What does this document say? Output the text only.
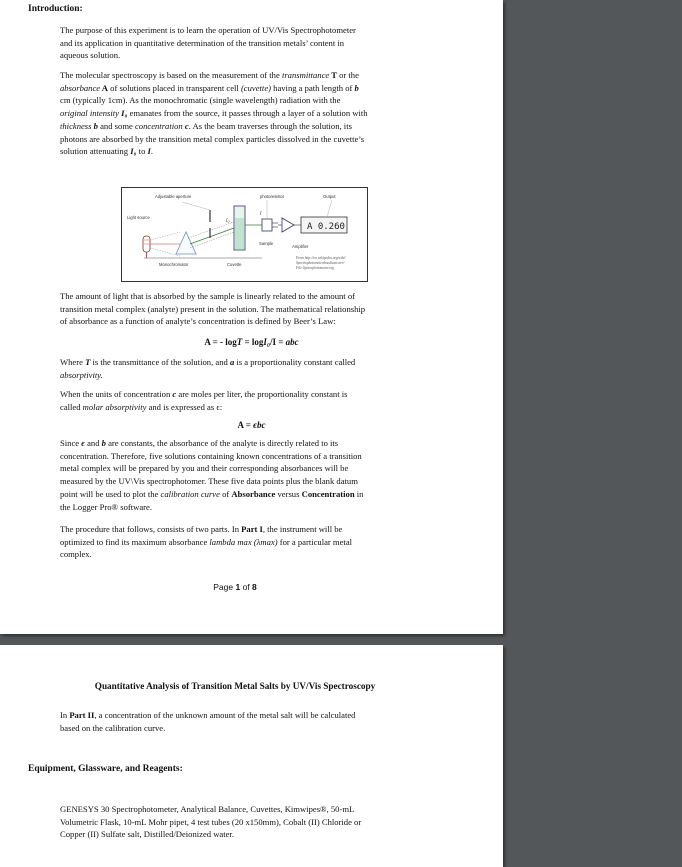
Introduction:

The purpose of this experiment is to learn the operation of UV/Vis Spectrophotometer
and its application in quantitative determination of the transition metals’ content in
aqueous solution.

The molecular spectroscopy is based on the measurement of the transmittance T or the
absorbance A of solutions placed in transparent cell (cuvette) having a path length of b
cm (typically 1cm). As the monochromatic (single wavelength) radiation with the
original intensity I₀ emanates from the source, it passes through a layer of a solution with
thickness b and some concentration c. As the beam traverses through the solution, its
photons are absorbed by the transition metal complex particles dissolved in the cuvette’s
solution attenuating I₀ to I.

Adjustable aperture	photoresistor	Output
Light source
Monochromator	Cuvette
Sample
Amplifier
I₀
I
A 0.260
From http://en.wikipedia.org/wiki/
Spectrophotometer#mediaviewer/
File:Spetrophotometer.svg

The amount of light that is absorbed by the sample is linearly related to the amount of
transition metal complex (analyte) present in the solution. The mathematical relationship
of absorbance as a function of analyte’s concentration is defined by Beer’s Law:

A = - logT = logI₀/I = abc

Where T is the transmittance of the solution, and a is a proportionality constant called
absorptivity.

When the units of concentration c are moles per liter, the proportionality constant is
called molar absorptivity and is expressed as ϵ:

A = ϵbc

Since ϵ and b are constants, the absorbance of the analyte is directly related to its
concentration. Therefore, five solutions containing known concentrations of a transition
metal complex will be prepared by you and their corresponding absorbances will be
measured by the UV\Vis spectrophotomer. These five data points plus the blank datum
point will be used to plot the calibration curve of Absorbance versus Concentration in
the Logger Pro® software.

The procedure that follows, consists of two parts. In Part I, the instrument will be
optimized to find its maximum absorbance lambda max (λmax) for a particular metal
complex.

Page 1 of 8
Quantitative Analysis of Transition Metal Salts by UV/Vis Spectroscopy

In Part II, a concentration of the unknown amount of the metal salt will be calculated
based on the calibration curve.

Equipment, Glassware, and Reagents:

GENESYS 30 Spectrophotometer, Analytical Balance, Cuvettes, Kimwipes®, 50-mL
Volumetric Flask, 10-mL Mohr pipet, 4 test tubes (20 x150mm), Cobalt (II) Chloride or
Copper (II) Sulfate salt, Distilled/Deionized water.
